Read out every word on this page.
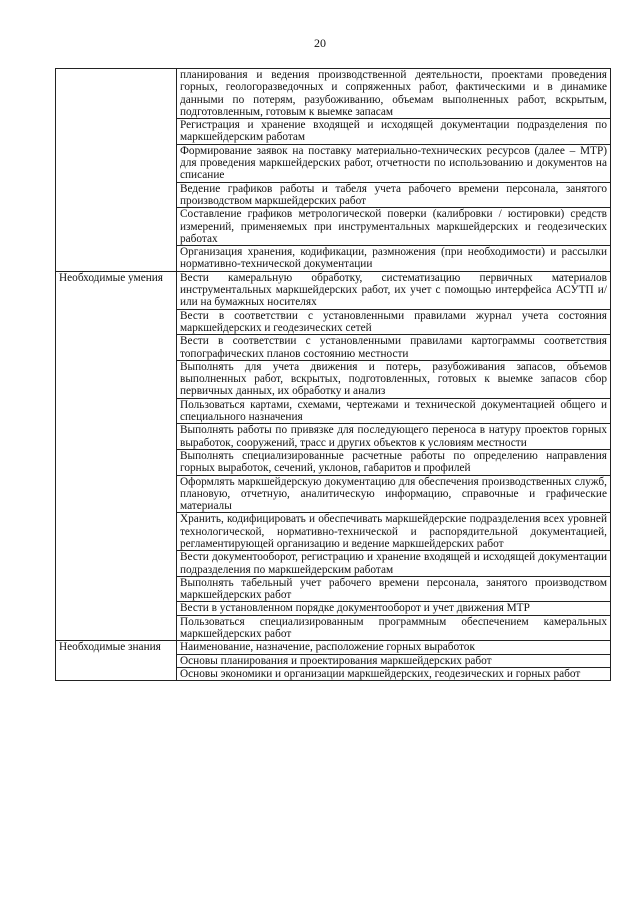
20
	планирования и ведения производственной деятельности, проектами проведения горных, геологоразведочных и сопряженных работ, фактическими и в динамике данными по потерям, разубоживанию, объемам выполненных работ, вскрытым, подготовленным, готовым к выемке запасам
	Регистрация и хранение входящей и исходящей документации подразделения по маркшейдерским работам
	Формирование заявок на поставку материально-технических ресурсов (далее – МТР) для проведения маркшейдерских работ, отчетности по использованию и документов на списание
	Ведение графиков работы и табеля учета рабочего времени персонала, занятого производством маркшейдерских работ
	Составление графиков метрологической поверки (калибровки / юстировки) средств измерений, применяемых при инструментальных маркшейдерских и геодезических работах
	Организация хранения, кодификации, размножения (при необходимости) и рассылки нормативно-технической документации
Необходимые умения	Вести камеральную обработку, систематизацию первичных материалов инструментальных маркшейдерских работ, их учет с помощью интерфейса АСУТП и/или на бумажных носителях
	Вести в соответствии с установленными правилами журнал учета состояния маркшейдерских и геодезических сетей
	Вести в соответствии с установленными правилами картограммы соответствия топографических планов состоянию местности
	Выполнять для учета движения и потерь, разубоживания запасов, объемов выполненных работ, вскрытых, подготовленных, готовых к выемке запасов сбор первичных данных, их обработку и анализ
	Пользоваться картами, схемами, чертежами и технической документацией общего и специального назначения
	Выполнять работы по привязке для последующего переноса в натуру проектов горных выработок, сооружений, трасс и других объектов к условиям местности
	Выполнять специализированные расчетные работы по определению направления горных выработок, сечений, уклонов, габаритов и профилей
	Оформлять маркшейдерскую документацию для обеспечения производственных служб, плановую, отчетную, аналитическую информацию, справочные и графические материалы
	Хранить, кодифицировать и обеспечивать маркшейдерские подразделения всех уровней технологической, нормативно-технической и распорядительной документацией, регламентирующей организацию и ведение маркшейдерских работ
	Вести документооборот, регистрацию и хранение входящей и исходящей документации подразделения по маркшейдерским работам
	Выполнять табельный учет рабочего времени персонала, занятого производством маркшейдерских работ
	Вести в установленном порядке документооборот и учет движения МТР
	Пользоваться специализированным программным обеспечением камеральных маркшейдерских работ
Необходимые знания	Наименование, назначение, расположение горных выработок
	Основы планирования и проектирования маркшейдерских работ
	Основы экономики и организации маркшейдерских, геодезических и горных работ
